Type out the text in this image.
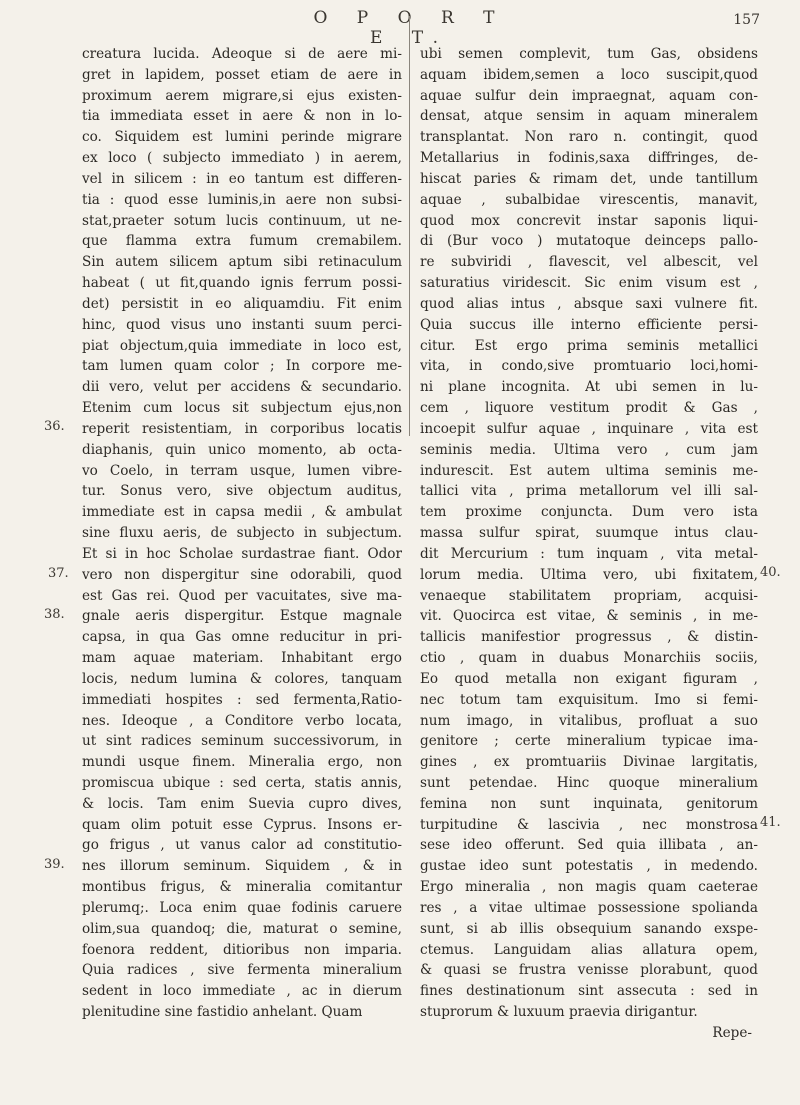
O P O R T E T.
157
creatura lucida. Adeoque si de aere mi-
gret in lapidem, posset etiam de aere in
proximum aerem migrare,si ejus existen-
tia immediata esset in aere & non in lo-
co. Siquidem est lumini perinde migrare
ex loco ( subjecto immediato ) in aerem,
vel in silicem : in eo tantum est differen-
tia : quod esse luminis,in aere non subsi-
stat,praeter sotum lucis continuum, ut ne-
que flamma extra fumum cremabilem.
Sin autem silicem aptum sibi retinaculum
habeat ( ut fit,quando ignis ferrum possi-
det) persistit in eo aliquamdiu. Fit enim
hinc, quod visus uno instanti suum perci-
piat objectum,quia immediate in loco est,
tam lumen quam color ; In corpore me-
dii vero, velut per accidens & secundario.
Etenim cum locus sit subjectum ejus,non
reperit resistentiam, in corporibus locatis
diaphanis, quin unico momento, ab octa-
vo Coelo, in terram usque, lumen vibre-
tur. Sonus vero, sive objectum auditus,
immediate est in capsa medii , & ambulat
sine fluxu aeris, de subjecto in subjectum.
Et si in hoc Scholae surdastrae fiant. Odor
vero non dispergitur sine odorabili, quod
est Gas rei. Quod per vacuitates, sive ma-
gnale aeris dispergitur. Estque magnale
capsa, in qua Gas omne reducitur in pri-
mam aquae materiam. Inhabitant ergo
locis, nedum lumina & colores, tanquam
immediati hospites : sed fermenta,Ratio-
nes. Ideoque , a Conditore verbo locata,
ut sint radices seminum successivorum, in
mundi usque finem. Mineralia ergo, non
promiscua ubique : sed certa, statis annis,
& locis. Tam enim Suevia cupro dives,
quam olim potuit esse Cyprus. Insons er-
go frigus , ut vanus calor ad constitutio-
nes illorum seminum. Siquidem , & in
montibus frigus, & mineralia comitantur
plerumq;. Loca enim quae fodinis caruere
olim,sua quandoq; die, maturat o semine,
foenora reddent, ditioribus non imparia.
Quia radices , sive fermenta mineralium
sedent in loco immediate , ac in dierum
plenitudine sine fastidio anhelant. Quam
ubi semen complevit, tum Gas, obsidens
aquam ibidem,semen a loco suscipit,quod
aquae sulfur dein impraegnat, aquam con-
densat, atque sensim in aquam mineralem
transplantat. Non raro n. contingit, quod
Metallarius in fodinis,saxa diffringes, de-
hiscat paries & rimam det, unde tantillum
aquae , subalbidae virescentis, manavit,
quod mox concrevit instar saponis liqui-
di (Bur voco ) mutatoque deinceps pallo-
re subviridi , flavescit, vel albescit, vel
saturatius viridescit. Sic enim visum est ,
quod alias intus , absque saxi vulnere fit.
Quia succus ille interno efficiente persi-
citur. Est ergo prima seminis metallici
vita, in condo,sive promtuario loci,homi-
ni plane incognita. At ubi semen in lu-
cem , liquore vestitum prodit & Gas ,
incoepit sulfur aquae , inquinare , vita est
seminis media. Ultima vero , cum jam
indurescit. Est autem ultima seminis me-
tallici vita , prima metallorum vel illi sal-
tem proxime conjuncta. Dum vero ista
massa sulfur spirat, suumque intus clau-
dit Mercurium : tum inquam , vita metal-
lorum media. Ultima vero, ubi fixitatem,
venaeque stabilitatem propriam, acquisi-
vit. Quocirca est vitae, & seminis , in me-
tallicis manifestior progressus , & distin-
ctio , quam in duabus Monarchiis sociis,
Eo quod metalla non exigant figuram ,
nec totum tam exquisitum. Imo si femi-
num imago, in vitalibus, profluat a suo
genitore ; certe mineralium typicae ima-
gines , ex promtuariis Divinae largitatis,
sunt petendae. Hinc quoque mineralium
femina non sunt inquinata, genitorum
turpitudine & lascivia , nec monstrosa
sese ideo offerunt. Sed quia illibata , an-
gustae ideo sunt potestatis , in medendo.
Ergo mineralia , non magis quam caeterae
res , a vitae ultimae possessione spolianda
sunt, si ab illis obsequium sanando exspe-
ctemus. Languidam alias allatura opem,
& quasi se frustra venisse plorabunt, quod
fines destinationum sint assecuta : sed in
stuprorum & luxuum praevia dirigantur.
Repe-
36.
37.
38.
39.
40.
41.
